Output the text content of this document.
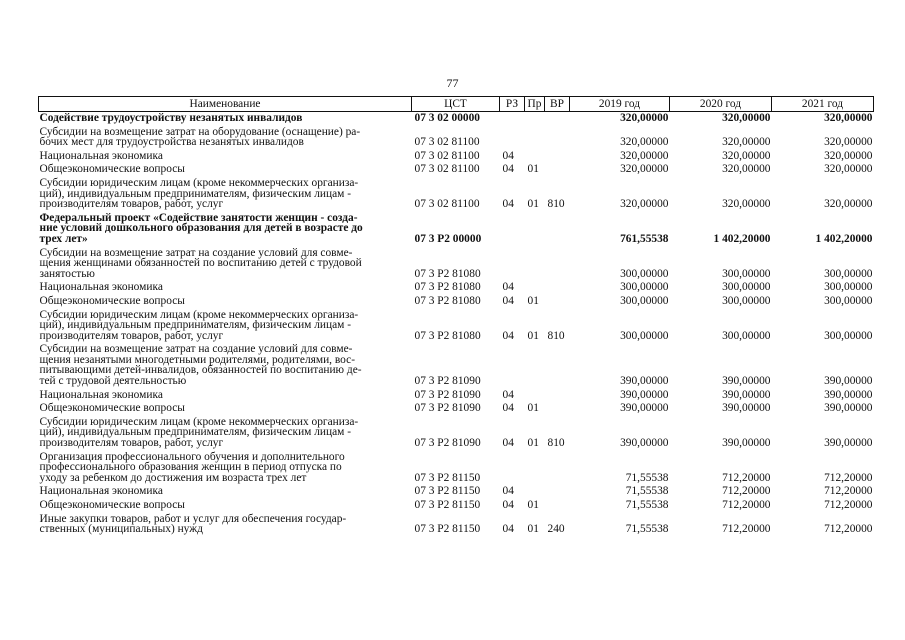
77
Наименование	ЦСТ	РЗ	Пр	ВР	2019 год	2020 год	2021 год

Содействие трудоустройству незанятых инвалидов	07 3 02 00000				320,00000	320,00000	320,00000

Субсидии на возмещение затрат на оборудование (оснащение) ра-
бочих мест для трудоустройства незанятых инвалидов	07 3 02 81100				320,00000	320,00000	320,00000

Национальная экономика	07 3 02 81100	04			320,00000	320,00000	320,00000

Общеэкономические вопросы	07 3 02 81100	04	01		320,00000	320,00000	320,00000

Субсидии юридическим лицам (кроме некоммерческих организа-
ций), индивидуальным предпринимателям, физическим лицам -
производителям товаров, работ, услуг	07 3 02 81100	04	01	810	320,00000	320,00000	320,00000

Федеральный проект «Содействие занятости женщин - созда-
ние условий дошкольного образования для детей в возрасте до
трех лет»	07 3 P2 00000				761,55538	1 402,20000	1 402,20000

Субсидии на возмещение затрат на создание условий для совме-
щения женщинами обязанностей по воспитанию детей с трудовой
занятостью	07 3 P2 81080				300,00000	300,00000	300,00000

Национальная экономика	07 3 P2 81080	04			300,00000	300,00000	300,00000

Общеэкономические вопросы	07 3 P2 81080	04	01		300,00000	300,00000	300,00000

Субсидии юридическим лицам (кроме некоммерческих организа-
ций), индивидуальным предпринимателям, физическим лицам -
производителям товаров, работ, услуг	07 3 P2 81080	04	01	810	300,00000	300,00000	300,00000

Субсидии на возмещение затрат на создание условий для совме-
щения незанятыми многодетными родителями, родителями, вос-
питывающими детей-инвалидов, обязанностей по воспитанию де-
тей с трудовой деятельностью	07 3 P2 81090				390,00000	390,00000	390,00000

Национальная экономика	07 3 P2 81090	04			390,00000	390,00000	390,00000

Общеэкономические вопросы	07 3 P2 81090	04	01		390,00000	390,00000	390,00000

Субсидии юридическим лицам (кроме некоммерческих организа-
ций), индивидуальным предпринимателям, физическим лицам -
производителям товаров, работ, услуг	07 3 P2 81090	04	01	810	390,00000	390,00000	390,00000

Организация профессионального обучения и дополнительного
профессионального образования женщин в период отпуска по
уходу за ребенком до достижения им возраста трех лет	07 3 P2 81150				71,55538	712,20000	712,20000

Национальная экономика	07 3 P2 81150	04			71,55538	712,20000	712,20000

Общеэкономические вопросы	07 3 P2 81150	04	01		71,55538	712,20000	712,20000

Иные закупки товаров, работ и услуг для обеспечения государ-
ственных (муниципальных) нужд	07 3 P2 81150	04	01	240	71,55538	712,20000	712,20000
